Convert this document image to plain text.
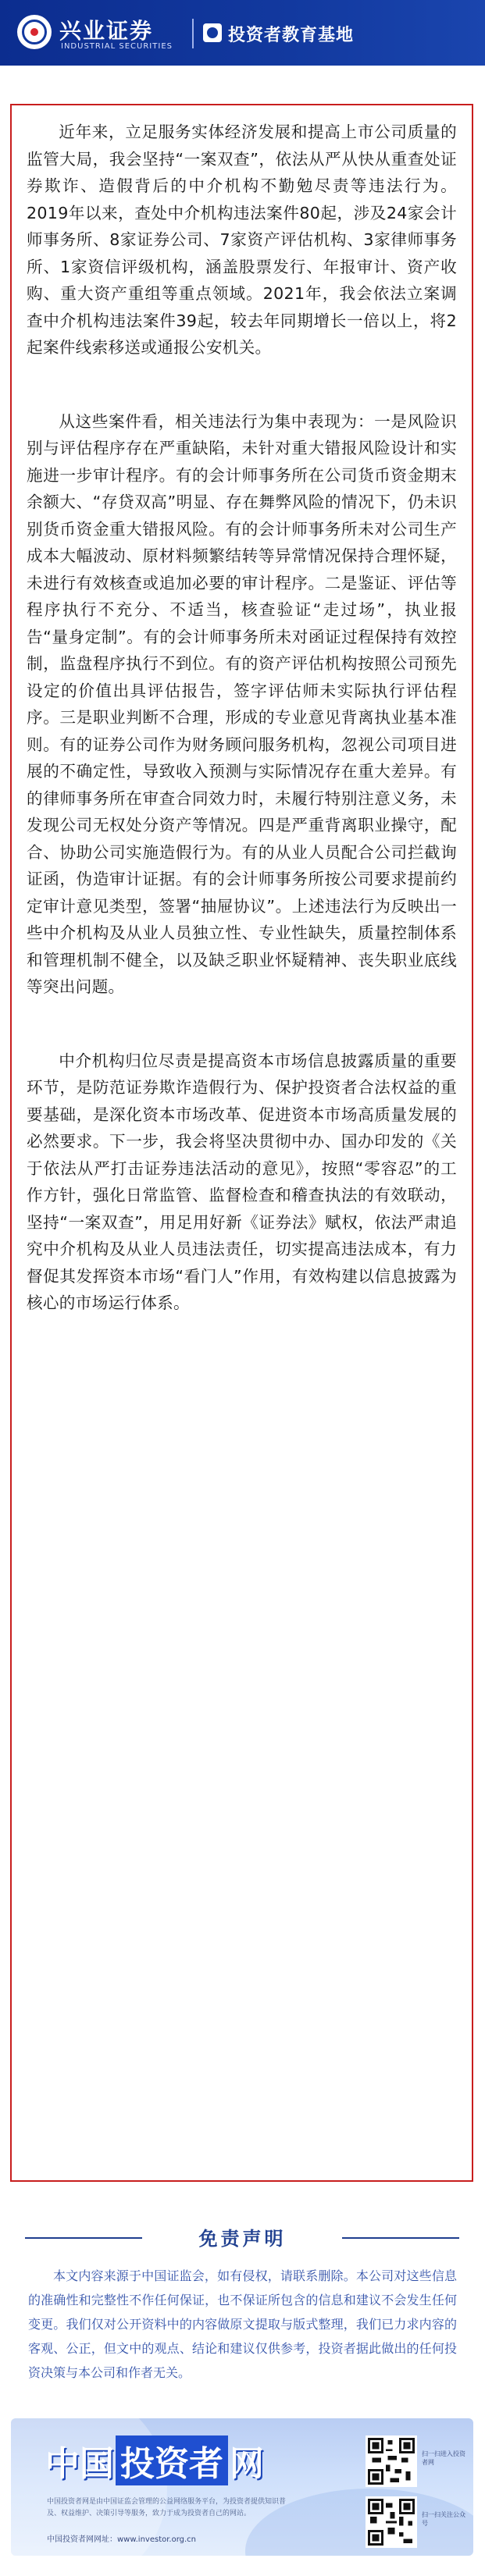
兴业证券
INDUSTRIAL SECURITIES
投资者教育基地

近年来，立足服务实体经济发展和提高上市公司质量的监管大局，我会坚持“一案双查”，依法从严从快从重查处证券欺诈、造假背后的中介机构不勤勉尽责等违法行为。2019年以来，查处中介机构违法案件80起，涉及24家会计师事务所、8家证券公司、7家资产评估机构、3家律师事务所、1家资信评级机构，涵盖股票发行、年报审计、资产收购、重大资产重组等重点领域。2021年，我会依法立案调查中介机构违法案件39起，较去年同期增长一倍以上，将2起案件线索移送或通报公安机关。

从这些案件看，相关违法行为集中表现为：一是风险识别与评估程序存在严重缺陷，未针对重大错报风险设计和实施进一步审计程序。有的会计师事务所在公司货币资金期末余额大、“存贷双高”明显、存在舞弊风险的情况下，仍未识别货币资金重大错报风险。有的会计师事务所未对公司生产成本大幅波动、原材料频繁结转等异常情况保持合理怀疑，未进行有效核查或追加必要的审计程序。二是鉴证、评估等程序执行不充分、不适当，核查验证“走过场”，执业报告“量身定制”。有的会计师事务所未对函证过程保持有效控制，监盘程序执行不到位。有的资产评估机构按照公司预先设定的价值出具评估报告，签字评估师未实际执行评估程序。三是职业判断不合理，形成的专业意见背离执业基本准则。有的证券公司作为财务顾问服务机构，忽视公司项目进展的不确定性，导致收入预测与实际情况存在重大差异。有的律师事务所在审查合同效力时，未履行特别注意义务，未发现公司无权处分资产等情况。四是严重背离职业操守，配合、协助公司实施造假行为。有的从业人员配合公司拦截询证函，伪造审计证据。有的会计师事务所按公司要求提前约定审计意见类型，签署“抽屉协议”。上述违法行为反映出一些中介机构及从业人员独立性、专业性缺失，质量控制体系和管理机制不健全，以及缺乏职业怀疑精神、丧失职业底线等突出问题。

中介机构归位尽责是提高资本市场信息披露质量的重要环节，是防范证券欺诈造假行为、保护投资者合法权益的重要基础，是深化资本市场改革、促进资本市场高质量发展的必然要求。下一步，我会将坚决贯彻中办、国办印发的《关于依法从严打击证券违法活动的意见》，按照“零容忍”的工作方针，强化日常监管、监督检查和稽查执法的有效联动，坚持“一案双查”，用足用好新《证券法》赋权，依法严肃追究中介机构及从业人员违法责任，切实提高违法成本，有力督促其发挥资本市场“看门人”作用，有效构建以信息披露为核心的市场运行体系。

免责声明

本文内容来源于中国证监会，如有侵权，请联系删除。本公司对这些信息的准确性和完整性不作任何保证，也不保证所包含的信息和建议不会发生任何变更。我们仅对公开资料中的内容做原文提取与版式整理，我们已力求内容的客观、公正，但文中的观点、结论和建议仅供参考，投资者据此做出的任何投资决策与本公司和作者无关。

中国 投资者 网

中国投资者网是由中国证监会管理的公益网络服务平台，为投资者提供知识普及、权益维护、决策引导等服务，致力于成为投资者自己的网站。

中国投资者网网址：www.investor.org.cn
扫一扫进入投资者网
扫一扫关注公众号
